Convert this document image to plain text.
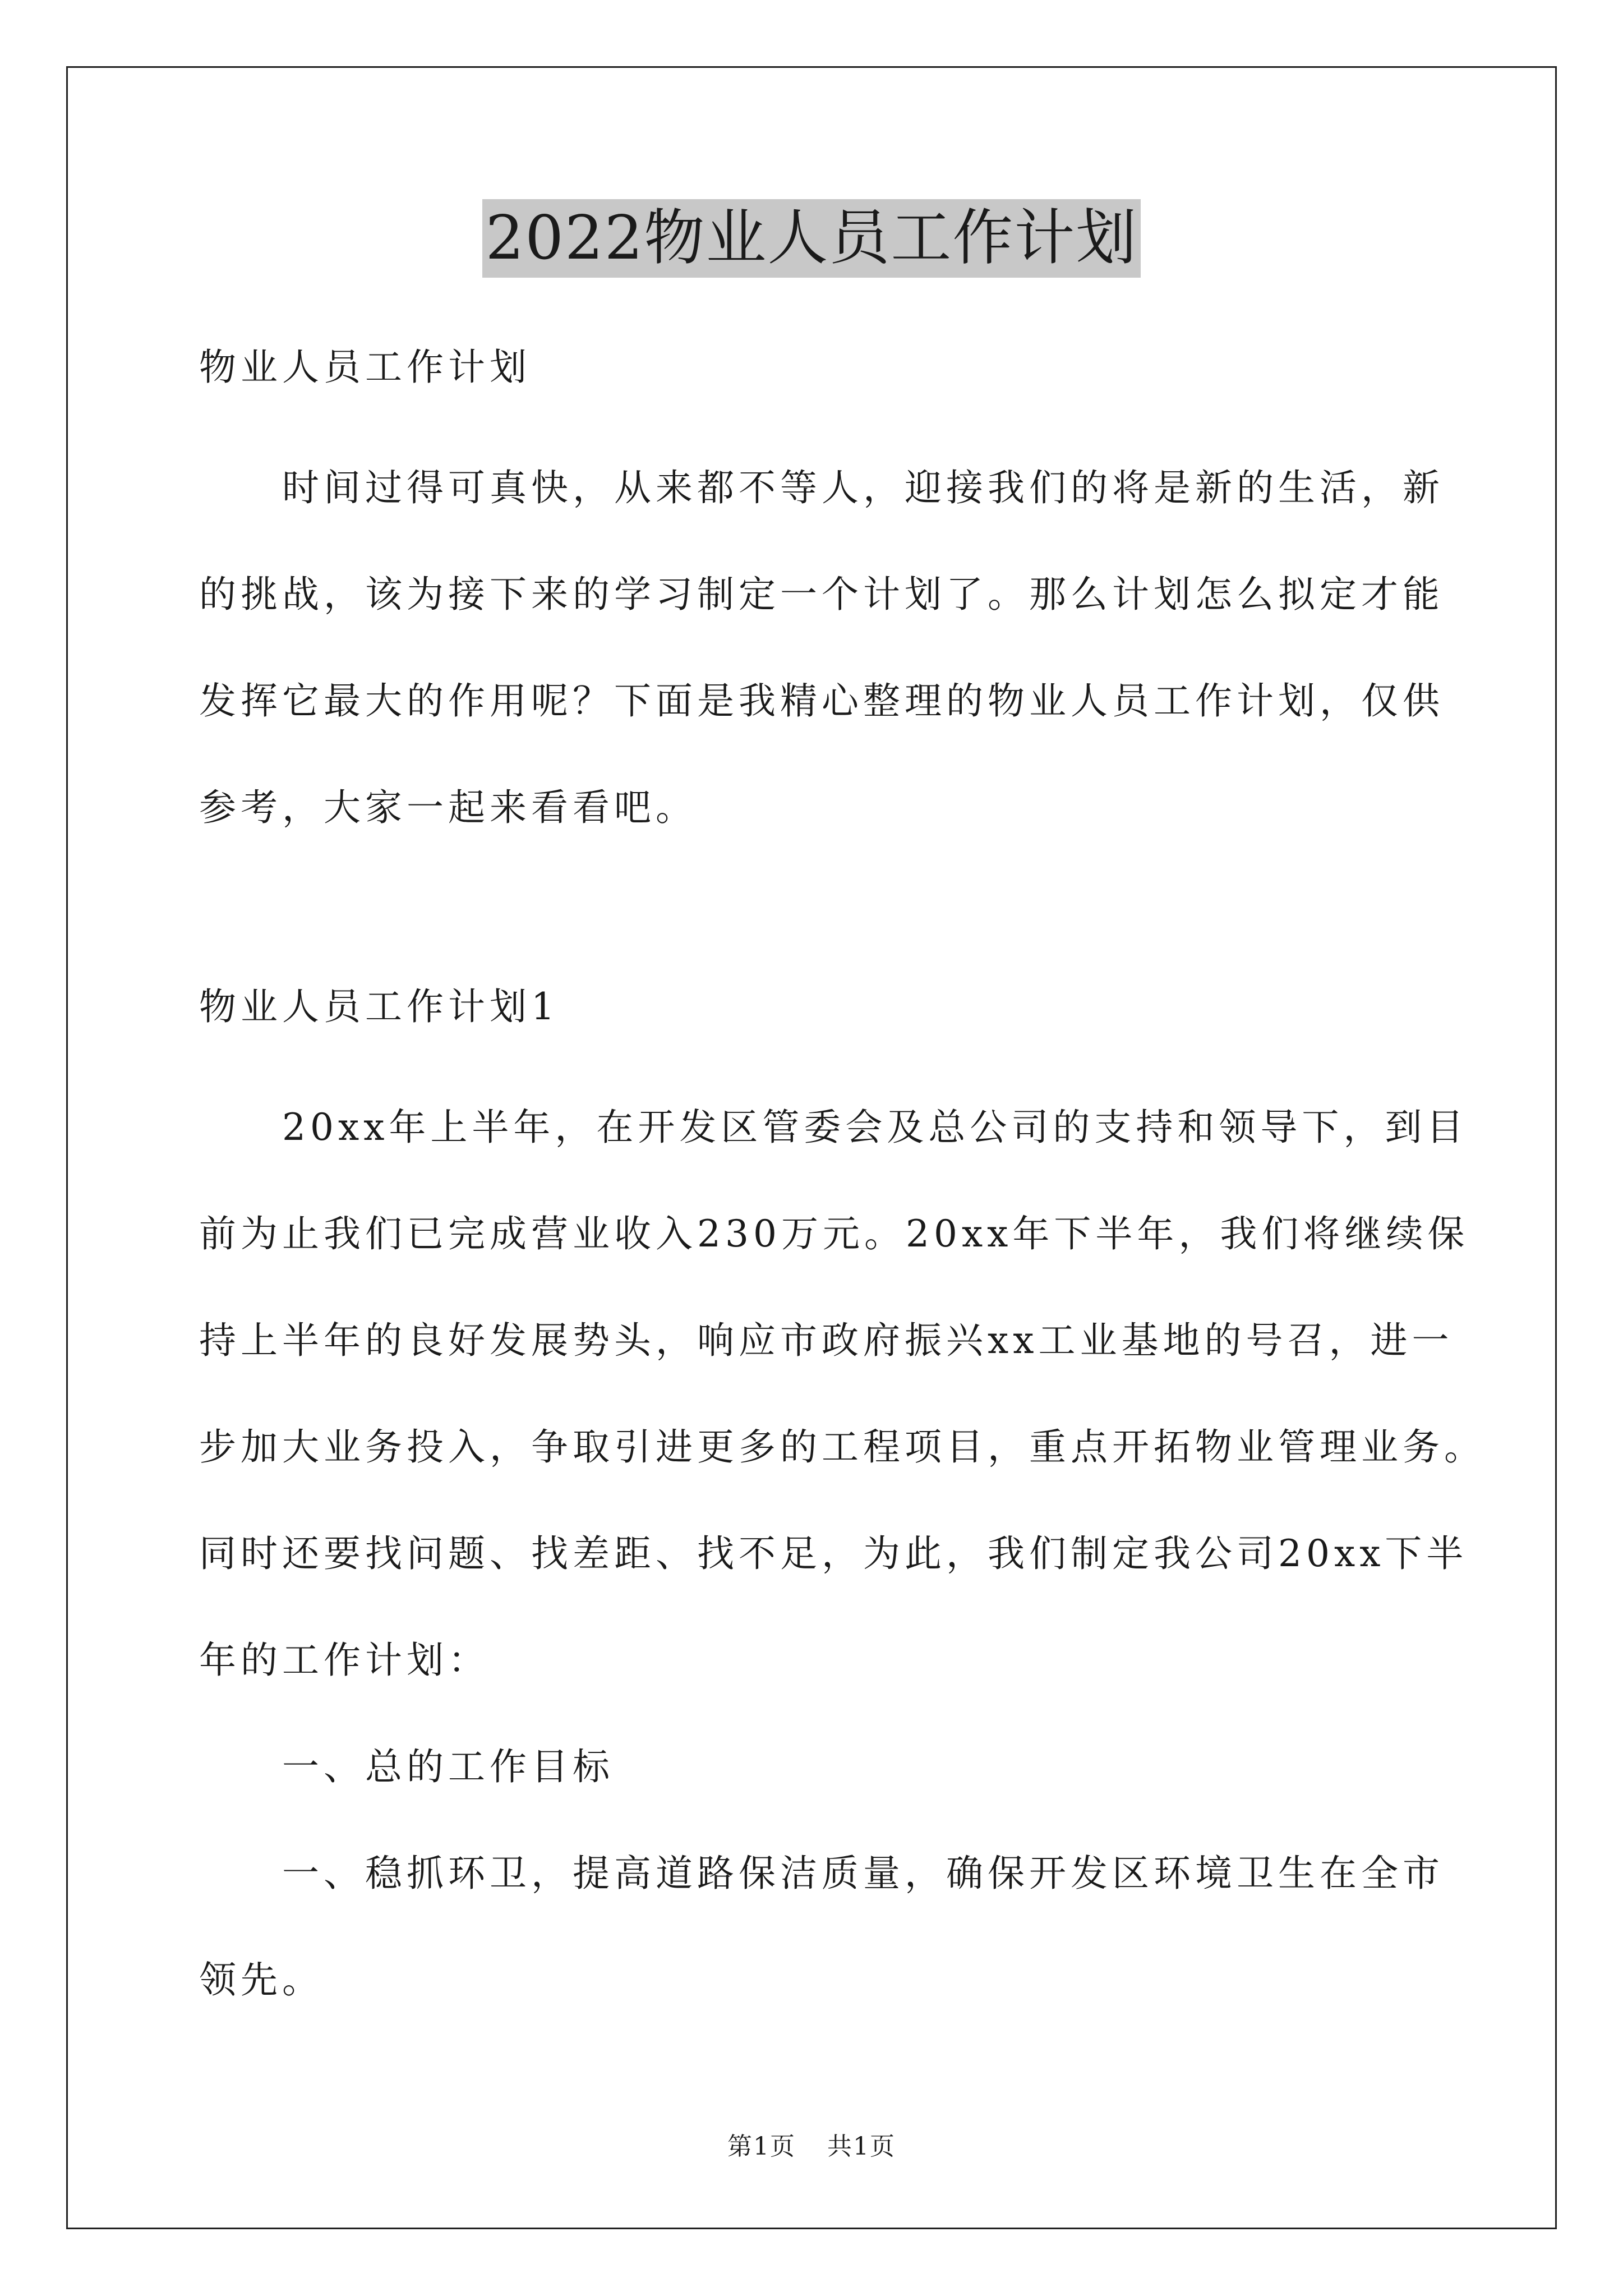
2022物业人员工作计划

物业人员工作计划

时间过得可真快，从来都不等人，迎接我们的将是新的生活，新
的挑战，该为接下来的学习制定一个计划了。那么计划怎么拟定才能
发挥它最大的作用呢？下面是我精心整理的物业人员工作计划，仅供
参考，大家一起来看看吧。

物业人员工作计划1

20xx年上半年，在开发区管委会及总公司的支持和领导下，到目
前为止我们已完成营业收入230万元。20xx年下半年，我们将继续保
持上半年的良好发展势头，响应市政府振兴xx工业基地的号召，进一
步加大业务投入，争取引进更多的工程项目，重点开拓物业管理业务。
同时还要找问题、找差距、找不足，为此，我们制定我公司20xx下半
年的工作计划：

一、总的工作目标

一、稳抓环卫，提高道路保洁质量，确保开发区环境卫生在全市
领先。
第1页 共1页
